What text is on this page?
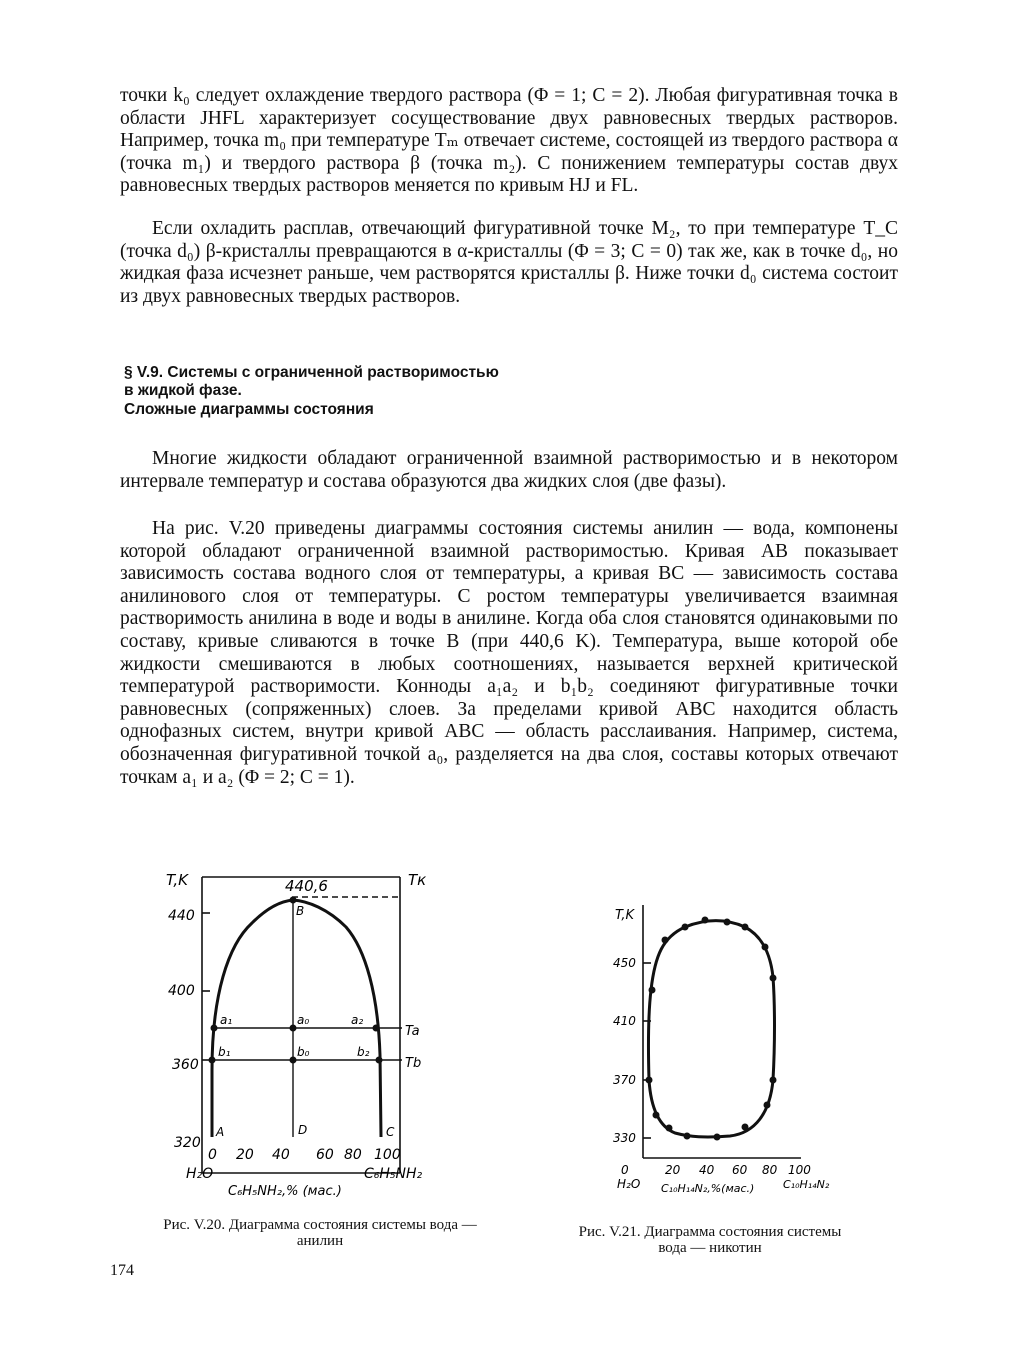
точки k₀ следует охлаждение твердого раствора (Φ = 1; C = 2). Любая фигуративная точка в области JHFL характеризует сосуществование двух равновесных твердых растворов. Например, точка m₀ при температуре Tₘ отвечает системе, состоящей из твердого раствора α (точка m₁) и твердого раствора β (точка m₂). С понижением температуры состав двух равновесных твердых растворов меняется по кривым HJ и FL.

Если охладить расплав, отвечающий фигуративной точке M₂, то при температуре T_C (точка d₀) β-кристаллы превращаются в α-кристаллы (Φ = 3; C = 0) так же, как в точке d₀, но жидкая фаза исчезнет раньше, чем растворятся кристаллы β. Ниже точки d₀ система состоит из двух равновесных твердых растворов.

§ V.9. Системы с ограниченной растворимостью
в жидкой фазе.
Сложные диаграммы состояния

Многие жидкости обладают ограниченной взаимной растворимостью и в некотором интервале температур и состава образуются два жидких слоя (две фазы).

На рис. V.20 приведены диаграммы состояния системы анилин — вода, компонены которой обладают ограниченной взаимной растворимостью. Кривая AB показывает зависимость состава водного слоя от температуры, а кривая BC — зависимость состава анилинового слоя от температуры. С ростом температуры увеличивается взаимная растворимость анилина в воде и воды в анилине. Когда оба слоя становятся одинаковыми по составу, кривые сливаются в точке B (при 440,6 K). Температура, выше которой обе жидкости смешиваются в любых соотношениях, называется верхней критической температурой растворимости. Конноды a₁a₂ и b₁b₂ соединяют фигуративные точки равновесных (сопряженных) слоев. За пределами кривой ABC находится область однофазных систем, внутри кривой ABC — область расслаивания. Например, система, обозначенная фигуративной точкой a₀, разделяется на два слоя, составы которых отвечают точкам a₁ и a₂ (Φ = 2; C = 1).

T,K	440,6	Tк
440
400
360
320
A
B
C
D
a₁	a₀	a₂
b₁	b₀	b₂
Ta
Tb
0 20 40 60 80 100
H₂O	C₆H₅NH₂
C₆H₅NH₂,% (мас.)
Рис. V.20. Диаграмма состояния системы вода — анилин
T,K
450
410
370
330
0	20 40 60 80 100
H₂O	C₁₀H₁₄N₂
C₁₀H₁₄N₂,%(мас.)
Рис. V.21. Диаграмма состояния системы вода — никотин
174
